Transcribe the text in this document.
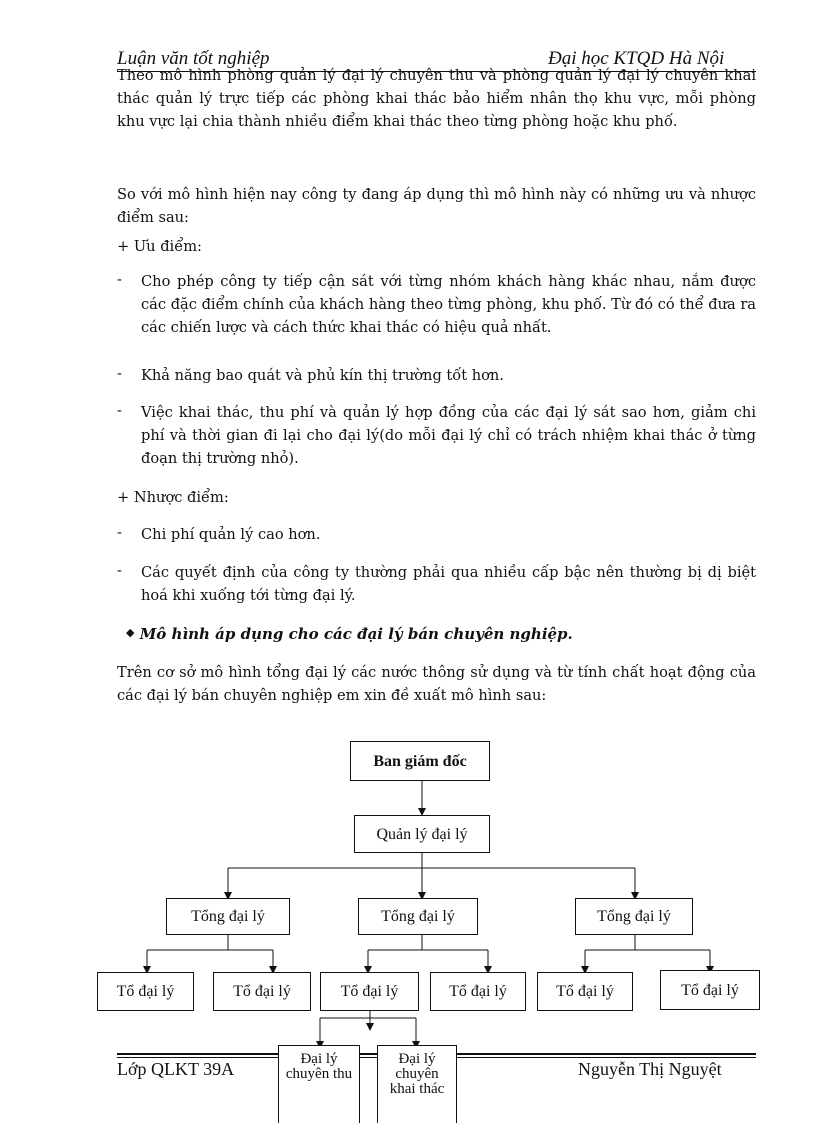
Luận văn tốt nghiệp	Đại học KTQD Hà Nội
Theo mô hình phòng quản lý đại lý chuyên thu và phòng quản lý đại lý chuyên khai thác quản lý trực tiếp các phòng khai thác bảo hiểm nhân thọ khu vực, mỗi phòng khu vực lại chia thành nhiều điểm khai thác theo từng phòng hoặc khu phố.
So với mô hình hiện nay công ty đang áp dụng thì mô hình này có những ưu và nhược điểm sau:
+ Ưu điểm:
- Cho phép công ty tiếp cận sát với từng nhóm khách hàng khác nhau, nắm được các đặc điểm chính của khách hàng theo từng phòng, khu phố. Từ đó có thể đưa ra các chiến lược và cách thức khai thác có hiệu quả nhất.
- Khả năng bao quát và phủ kín thị trường tốt hơn.
- Việc khai thác, thu phí và quản lý hợp đồng của các đại lý sát sao hơn, giảm chi phí và thời gian đi lại cho đại lý(do mỗi đại lý chỉ có trách nhiệm khai thác ở từng đoạn thị trường nhỏ).
+ Nhược điểm:
- Chi phí quản lý cao hơn.
- Các quyết định của công ty thường phải qua nhiều cấp bậc nên thường bị dị biệt hoá khi xuống tới từng đại lý.
◆ Mô hình áp dụng cho các đại lý bán chuyên nghiệp.
Trên cơ sở mô hình tổng đại lý các nước thông sử dụng và từ tính chất hoạt động của các đại lý bán chuyên nghiệp em xin đề xuất mô hình sau:
Ban giám đốc
Quản lý đại lý
Tổng đại lý	Tổng đại lý	Tổng đại lý
Tổ đại lý	Tổ đại lý	Tổ đại lý	Tổ đại lý	Tổ đại lý	Tổ đại lý
Đại lý chuyên thu
Đại lý chuyên khai thác
Lớp QLKT 39A	Nguyễn Thị Nguyệt
